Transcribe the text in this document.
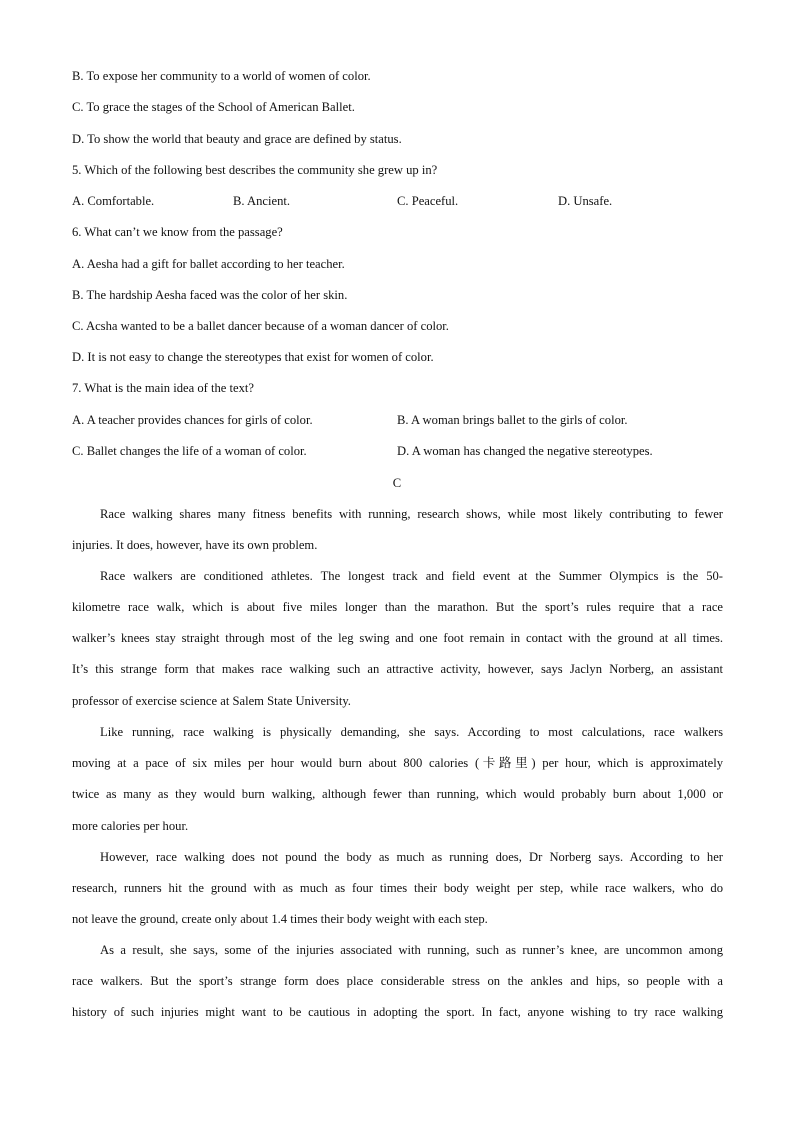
B. To expose her community to a world of women of color.
C. To grace the stages of the School of American Ballet.
D. To show the world that beauty and grace are defined by status.
5. Which of the following best describes the community she grew up in?
A. Comfortable.	B. Ancient.	C. Peaceful.	D. Unsafe.
6. What can’t we know from the passage?
A. Aesha had a gift for ballet according to her teacher.
B. The hardship Aesha faced was the color of her skin.
C. Acsha wanted to be a ballet dancer because of a woman dancer of color.
D. It is not easy to change the stereotypes that exist for women of color.
7. What is the main idea of the text?
A. A teacher provides chances for girls of color.	B. A woman brings ballet to the girls of color.
C. Ballet changes the life of a woman of color.	D. A woman has changed the negative stereotypes.
C
Race walking shares many fitness benefits with running, research shows, while most likely contributing to fewer
injuries. It does, however, have its own problem.
Race walkers are conditioned athletes. The longest track and field event at the Summer Olympics is the 50-
kilometre race walk, which is about five miles longer than the marathon. But the sport’s rules require that a race
walker’s knees stay straight through most of the leg swing and one foot remain in contact with the ground at all times.
It’s this strange form that makes race walking such an attractive activity, however, says Jaclyn Norberg, an assistant
professor of exercise science at Salem State University.
Like running, race walking is physically demanding, she says. According to most calculations, race walkers
moving at a pace of six miles per hour would burn about 800 calories (卡路里) per hour, which is approximately
twice as many as they would burn walking, although fewer than running, which would probably burn about 1,000 or
more calories per hour.
However, race walking does not pound the body as much as running does, Dr Norberg says. According to her
research, runners hit the ground with as much as four times their body weight per step, while race walkers, who do
not leave the ground, create only about 1.4 times their body weight with each step.
As a result, she says, some of the injuries associated with running, such as runner’s knee, are uncommon among
race walkers. But the sport’s strange form does place considerable stress on the ankles and hips, so people with a
history of such injuries might want to be cautious in adopting the sport. In fact, anyone wishing to try race walking
